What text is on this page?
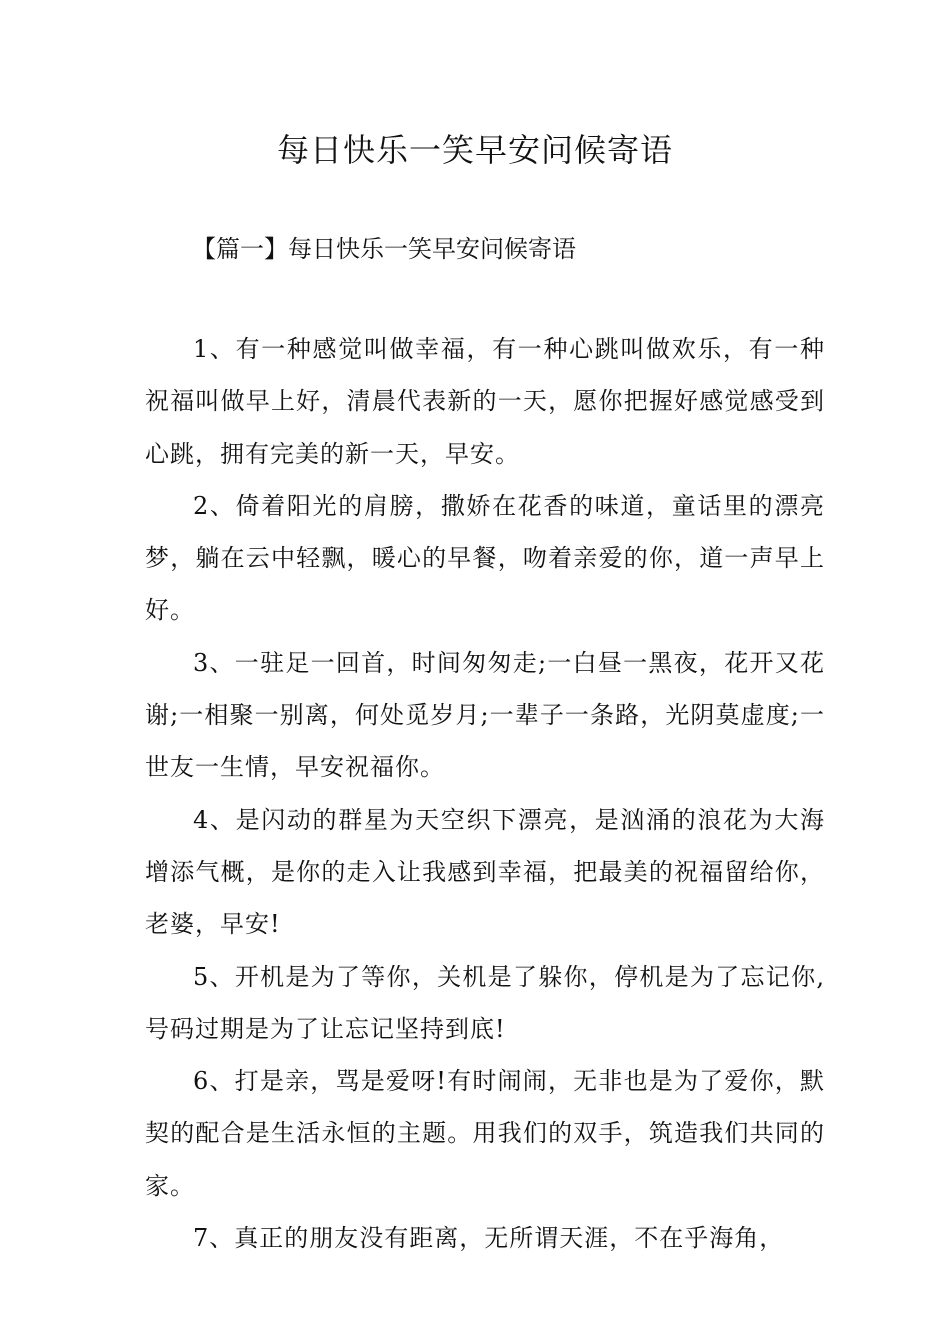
每日快乐一笑早安问候寄语
【篇一】每日快乐一笑早安问候寄语

1、有一种感觉叫做幸福，有一种心跳叫做欢乐，有一种祝福叫做早上好，清晨代表新的一天，愿你把握好感觉感受到心跳，拥有完美的新一天，早安。

2、倚着阳光的肩膀，撒娇在花香的味道，童话里的漂亮梦，躺在云中轻飘，暖心的早餐，吻着亲爱的你，道一声早上好。

3、一驻足一回首，时间匆匆走;一白昼一黑夜，花开又花谢;一相聚一别离，何处觅岁月;一辈子一条路，光阴莫虚度;一世友一生情，早安祝福你。

4、是闪动的群星为天空织下漂亮，是汹涌的浪花为大海增添气概，是你的走入让我感到幸福，把最美的祝福留给你，老婆，早安!

5、开机是为了等你，关机是了躲你，停机是为了忘记你,号码过期是为了让忘记坚持到底!

6、打是亲，骂是爱呀!有时闹闹，无非也是为了爱你，默契的配合是生活永恒的主题。用我们的双手，筑造我们共同的家。

7、真正的朋友没有距离，无所谓天涯，不在乎海角，
